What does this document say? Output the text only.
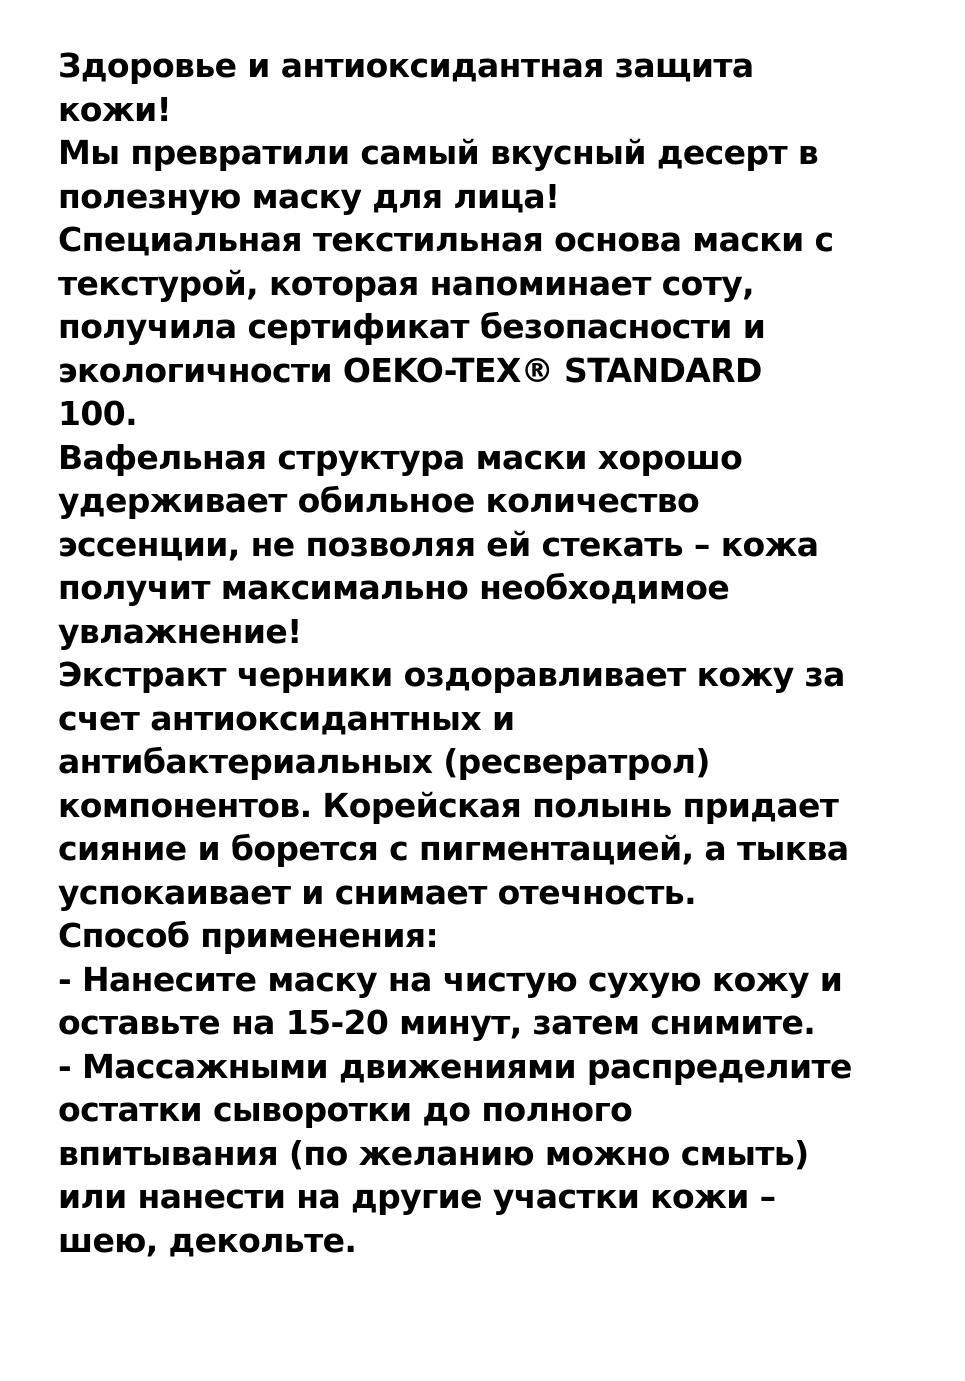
Здоровье и антиоксидантная защита
кожи!
Мы превратили самый вкусный десерт в
полезную маску для лица!
Специальная текстильная основа маски с
текстурой, которая напоминает соту,
получила сертификат безопасности и
экологичности OEKO-TEX® STANDARD
100.
Вафельная структура маски хорошо
удерживает обильное количество
эссенции, не позволяя ей стекать – кожа
получит максимально необходимое
увлажнение!
Экстракт черники оздоравливает кожу за
счет антиоксидантных и
антибактериальных (ресвератрол)
компонентов. Корейская полынь придает
сияние и борется с пигментацией, а тыква
успокаивает и снимает отечность.
Способ применения:
- Нанесите маску на чистую сухую кожу и
оставьте на 15-20 минут, затем снимите.
- Массажными движениями распределите
остатки сыворотки до полного
впитывания (по желанию можно смыть)
или нанести на другие участки кожи –
шею, декольте.
